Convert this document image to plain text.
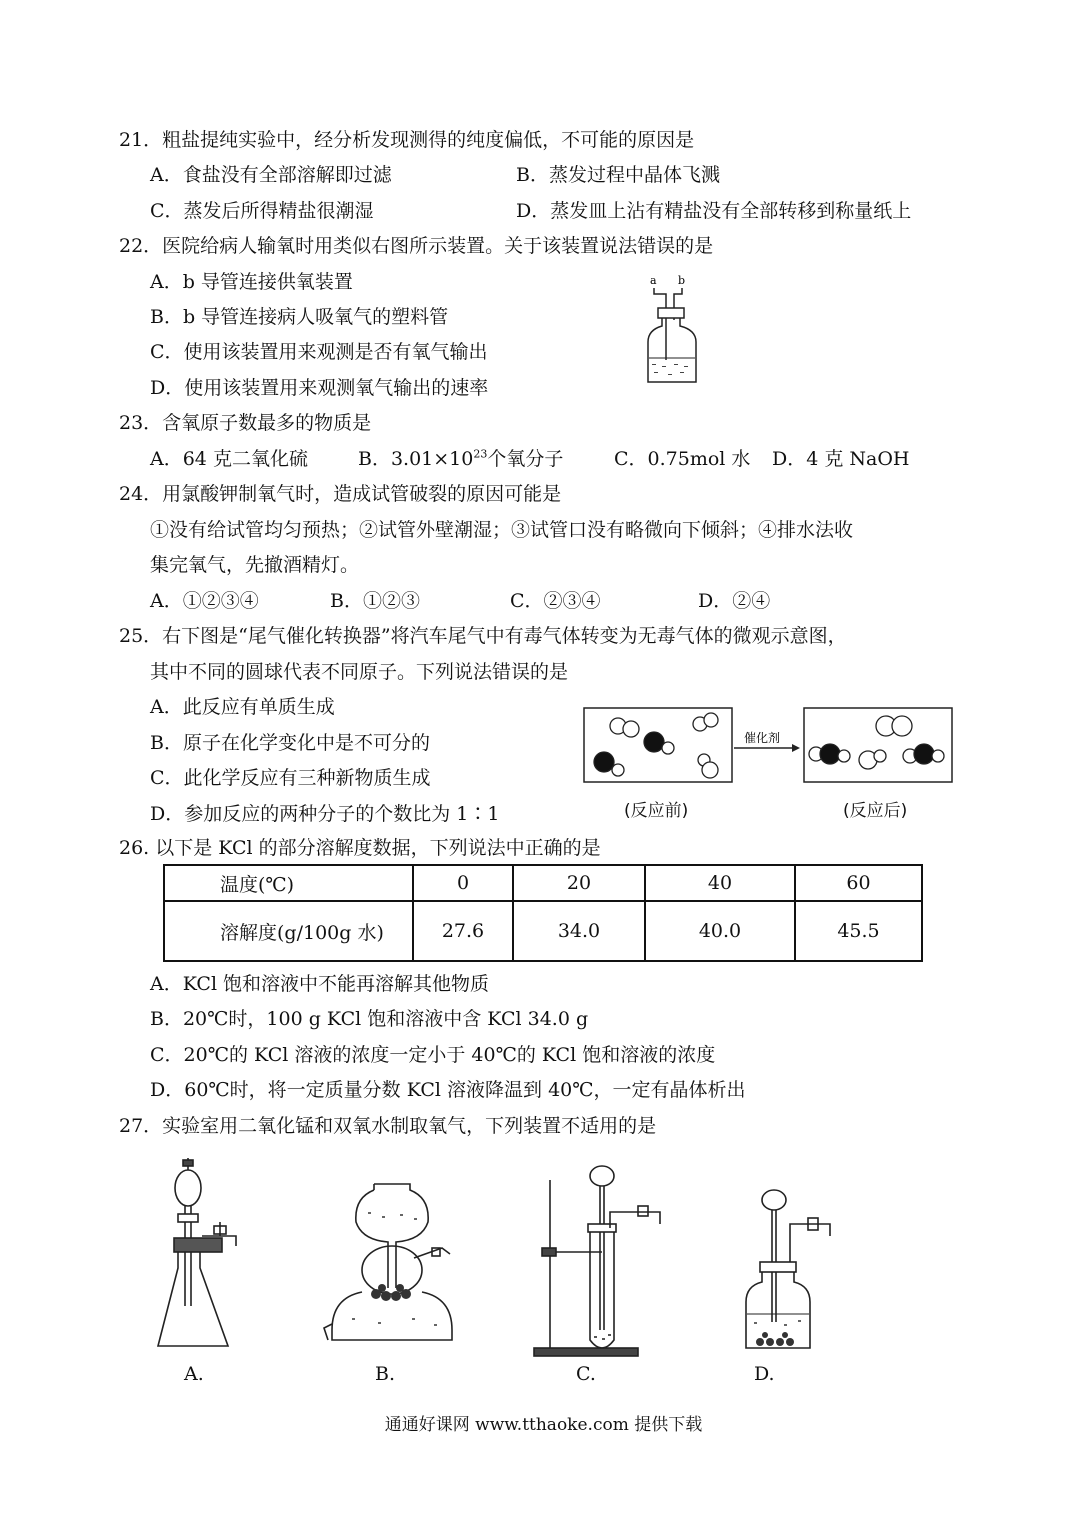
21．粗盐提纯实验中，经分析发现测得的纯度偏低，不可能的原因是
A．食盐没有全部溶解即过滤	B．蒸发过程中晶体飞溅
C．蒸发后所得精盐很潮湿	D．蒸发皿上沾有精盐没有全部转移到称量纸上
22．医院给病人输氧时用类似右图所示装置。关于该装置说法错误的是
A．b 导管连接供氧装置
B．b 导管连接病人吸氧气的塑料管
C．使用该装置用来观测是否有氧气输出
D．使用该装置用来观测氧气输出的速率
a b
23．含氧原子数最多的物质是
A．64 克二氧化硫	B．$3.01\times 10^{23}$个氧分子	C．0.75mol 水 D．4 克 NaOH
24．用氯酸钾制氧气时，造成试管破裂的原因可能是
①没有给试管均匀预热；②试管外壁潮湿；③试管口没有略微向下倾斜；④排水法收
集完氧气，先撤酒精灯。
A．①②③④	B．①②③	C．②③④	D．②④
25．右下图是“尾气催化转换器”将汽车尾气中有毒气体转变为无毒气体的微观示意图，
其中不同的圆球代表不同原子。下列说法错误的是
A．此反应有单质生成
B．原子在化学变化中是不可分的
C．此化学反应有三种新物质生成
D．参加反应的两种分子的个数比为 1∶1
催化剂
(反应前)	(反应后)
26. 以下是 KCl 的部分溶解度数据，下列说法中正确的是
温度(℃)	0	20	40	60
溶解度(g/100g 水)	27.6	34.0	40.0	45.5
A．KCl 饱和溶液中不能再溶解其他物质
B．20℃时，100 g KCl 饱和溶液中含 KCl 34.0 g
C．20℃的 KCl 溶液的浓度一定小于 40℃的 KCl 饱和溶液的浓度
D．60℃时，将一定质量分数 KCl 溶液降温到 40℃，一定有晶体析出
27．实验室用二氧化锰和双氧水制取氧气，下列装置不适用的是
A.	B.	C.	D.
通通好课网 www.tthaoke.com 提供下载
